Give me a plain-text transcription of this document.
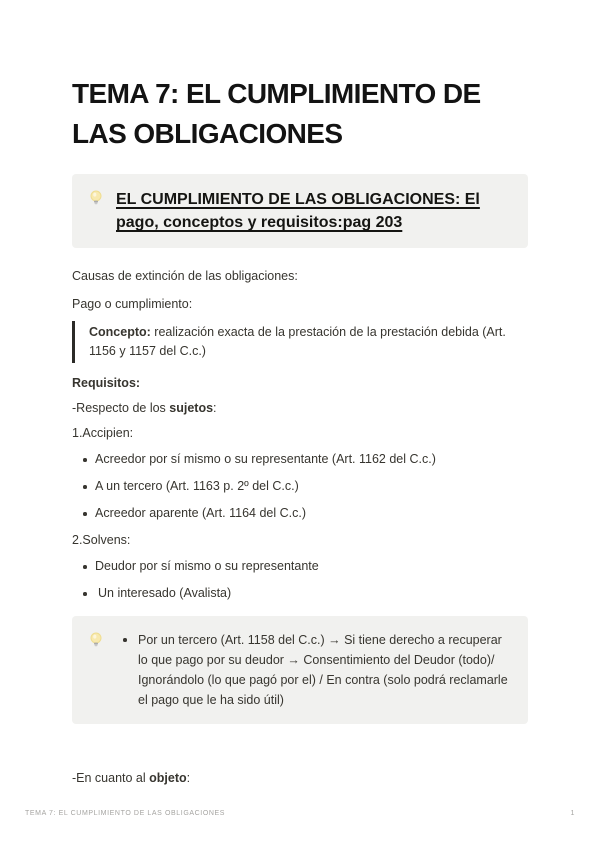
TEMA 7: EL CUMPLIMIENTO DE LAS OBLIGACIONES
EL CUMPLIMIENTO DE LAS OBLIGACIONES: El pago, conceptos y requisitos:pag 203

Causas de extinción de las obligaciones:

Pago o cumplimiento:

Concepto: realización exacta de la prestación de la prestación debida (Art. 1156 y 1157 del C.c.)

Requisitos:

-Respecto de los sujetos:

1.Accipien:

Acreedor por sí mismo o su representante (Art. 1162 del C.c.)
A un tercero (Art. 1163 p. 2º del C.c.)
Acreedor aparente (Art. 1164 del C.c.)

2.Solvens:

Deudor por sí mismo o su representante
Un interesado (Avalista)
Por un tercero (Art. 1158 del C.c.) → Si tiene derecho a recuperar lo que pago por su deudor → Consentimiento del Deudor (todo)/ Ignorándolo (lo que pagó por el) / En contra (solo podrá reclamarle el pago que le ha sido útil)

-En cuanto al objeto:

TEMA 7: EL CUMPLIMIENTO DE LAS OBLIGACIONES	1
